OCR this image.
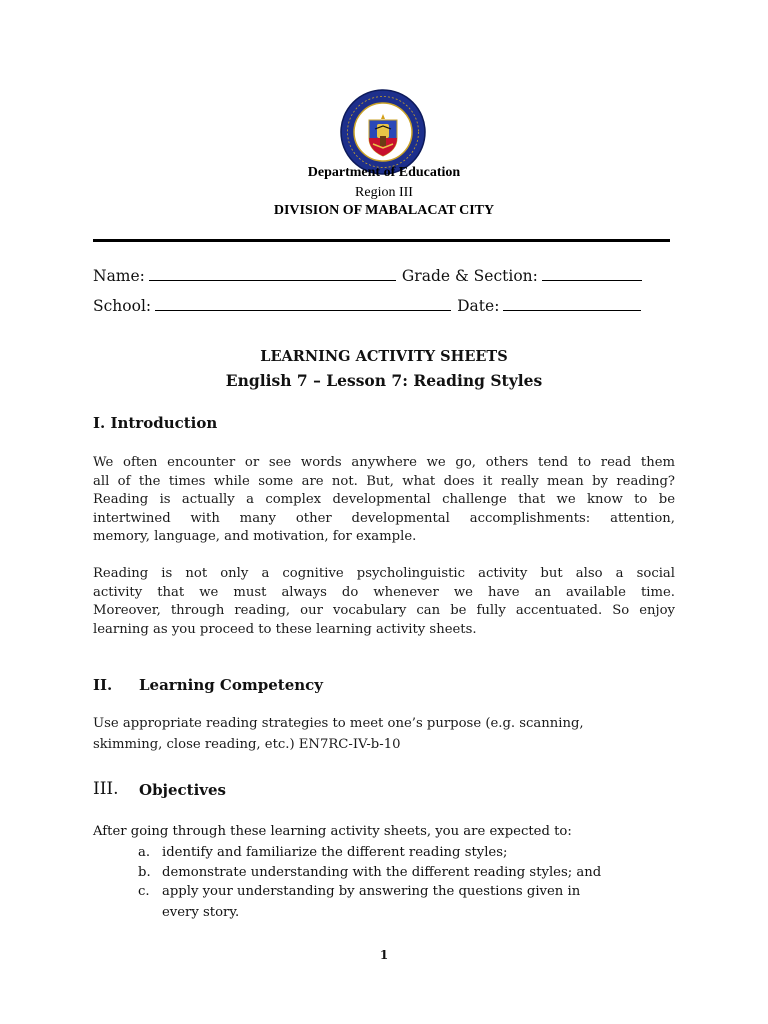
Department of Education
Region III
DIVISION OF MABALACAT CITY
Name:	Grade & Section:
School:	Date:
LEARNING ACTIVITY SHEETS
English 7 – Lesson 7: Reading Styles
I. Introduction
We often encounter or see words anywhere we go, others tend to read them
all of the times while some are not. But, what does it really mean by reading?
Reading is actually a complex developmental challenge that we know to be
intertwined with many other developmental accomplishments: attention,
memory, language, and motivation, for example.
Reading is not only a cognitive psycholinguistic activity but also a social
activity that we must always do whenever we have an available time.
Moreover, through reading, our vocabulary can be fully accentuated. So enjoy
learning as you proceed to these learning activity sheets.
II. Learning Competency
Use appropriate reading strategies to meet one’s purpose (e.g. scanning,
skimming, close reading, etc.) EN7RC-IV-b-10
III. Objectives
After going through these learning activity sheets, you are expected to:
a. identify and familiarize the different reading styles;
b. demonstrate understanding with the different reading styles; and
c. apply your understanding by answering the questions given in
every story.
1
